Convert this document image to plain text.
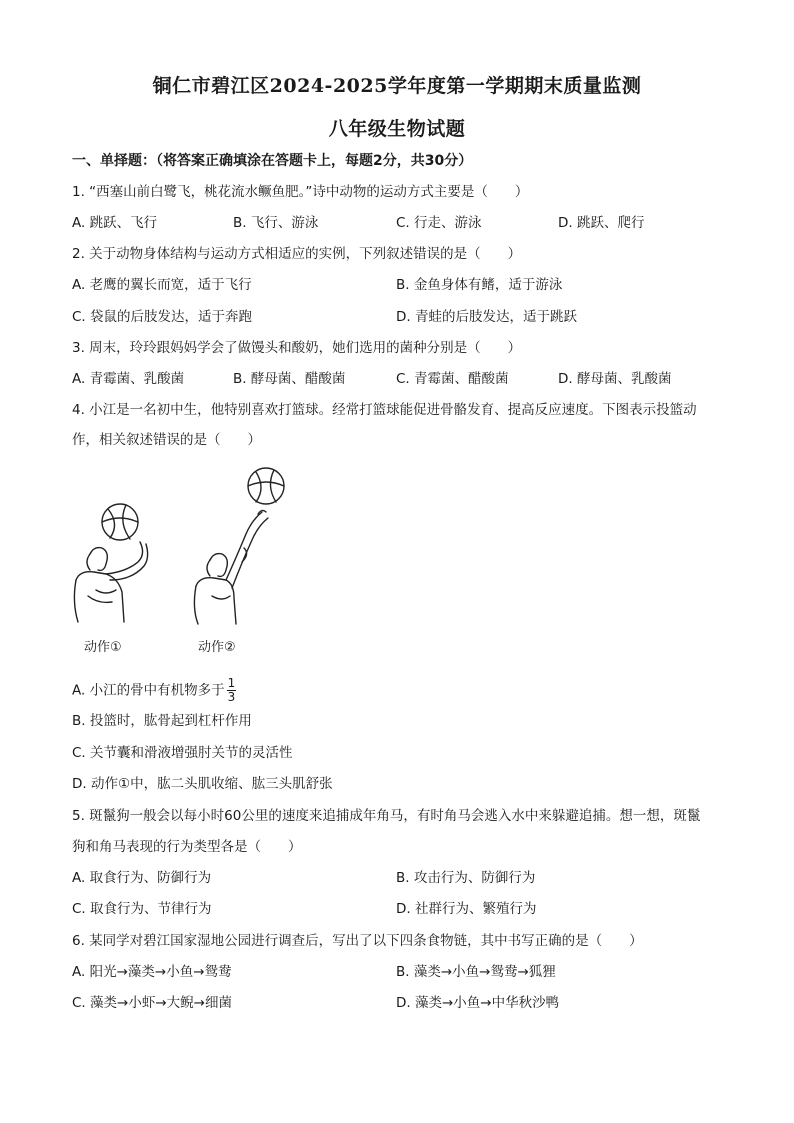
铜仁市碧江区2024-2025学年度第一学期期末质量监测
八年级生物试题
一、单择题：（将答案正确填涂在答题卡上，每题2分，共30分）
1. “西塞山前白鹭飞，桃花流水鳜鱼肥。”诗中动物的运动方式主要是（　　）
A. 跳跃、飞行	B. 飞行、游泳	C. 行走、游泳	D. 跳跃、爬行
2. 关于动物身体结构与运动方式相适应的实例，下列叙述错误的是（　　）
A. 老鹰的翼长而宽，适于飞行	B. 金鱼身体有鳍，适于游泳
C. 袋鼠的后肢发达，适于奔跑	D. 青蛙的后肢发达，适于跳跃
3. 周末，玲玲跟妈妈学会了做馒头和酸奶，她们选用的菌种分别是（　　）
A. 青霉菌、乳酸菌	B. 酵母菌、醋酸菌	C. 青霉菌、醋酸菌	D. 酵母菌、乳酸菌
4. 小江是一名初中生，他特别喜欢打篮球。经常打篮球能促进骨骼发育、提高反应速度。下图表示投篮动
作，相关叙述错误的是（　　）
动作①	动作②
A. 小江的骨中有机物多于 $\frac{1}{3}$
B. 投篮时，肱骨起到杠杆作用
C. 关节囊和滑液增强肘关节的灵活性
D. 动作①中，肱二头肌收缩、肱三头肌舒张
5. 斑鬣狗一般会以每小时60公里的速度来追捕成年角马，有时角马会逃入水中来躲避追捕。想一想，斑鬣
狗和角马表现的行为类型各是（　　）
A. 取食行为、防御行为	B. 攻击行为、防御行为
C. 取食行为、节律行为	D. 社群行为、繁殖行为
6. 某同学对碧江国家湿地公园进行调查后，写出了以下四条食物链，其中书写正确的是（　　）
A. 阳光→藻类→小鱼→鸳鸯	B. 藻类→小鱼→鸳鸯→狐狸
C. 藻类→小虾→大鲵→细菌	D. 藻类→小鱼→中华秋沙鸭
